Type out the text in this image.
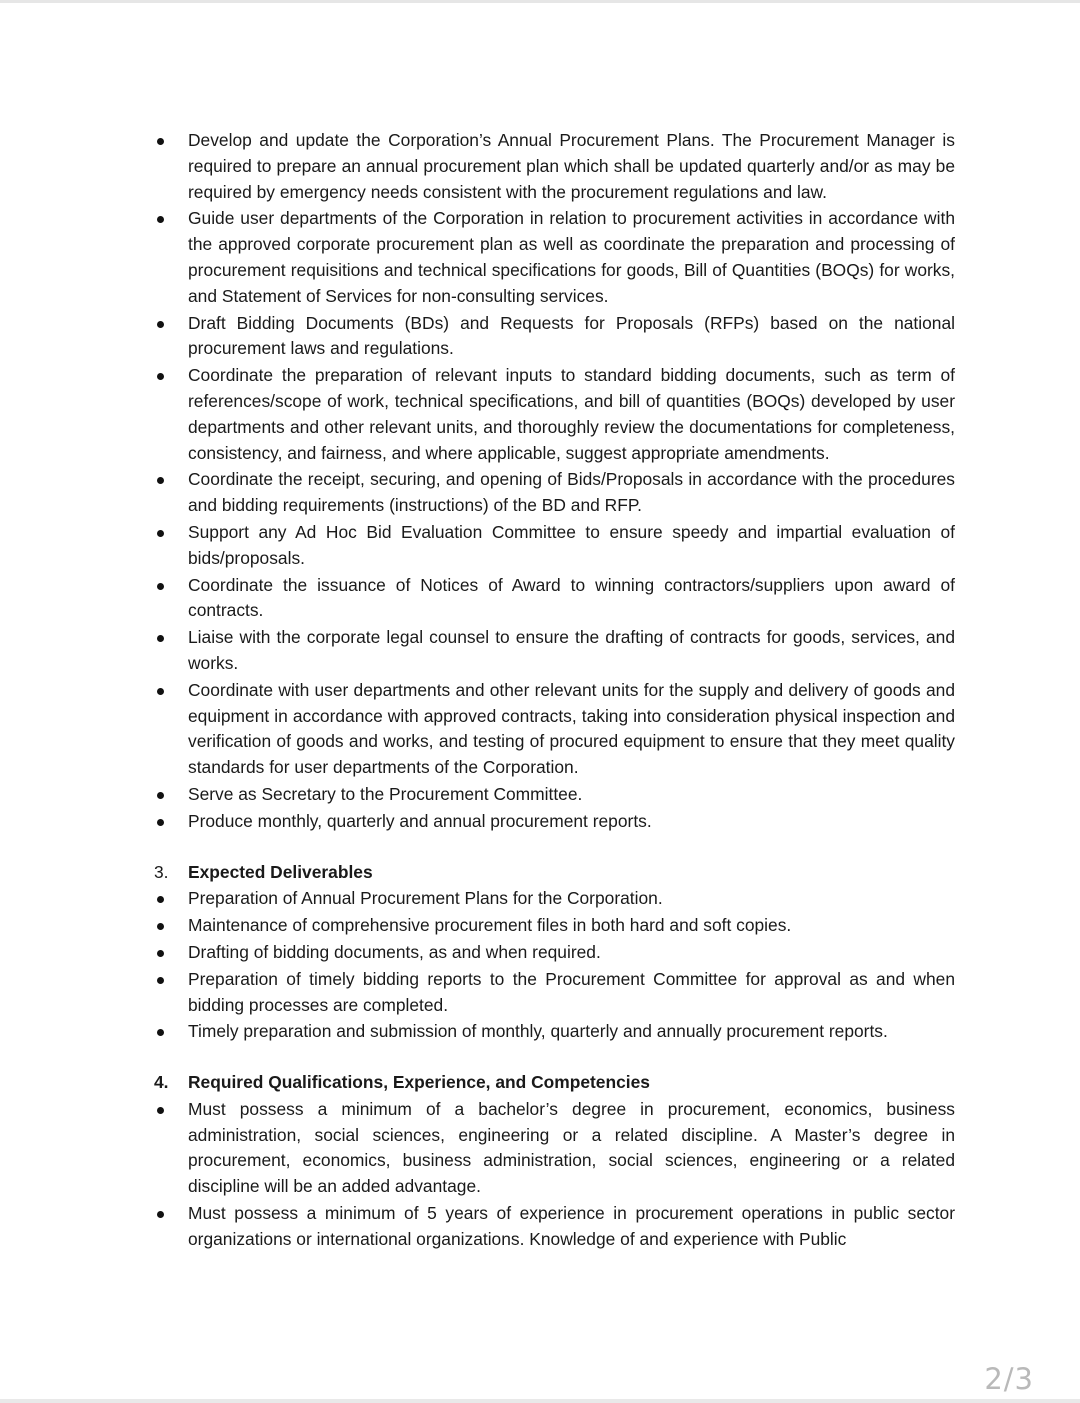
Develop and update the Corporation’s Annual Procurement Plans. The Procurement Manager is required to prepare an annual procurement plan which shall be updated quarterly and/or as may be required by emergency needs consistent with the procurement regulations and law.
Guide user departments of the Corporation in relation to procurement activities in accordance with the approved corporate procurement plan as well as coordinate the preparation and processing of procurement requisitions and technical specifications for goods, Bill of Quantities (BOQs) for works, and Statement of Services for non-consulting services.
Draft Bidding Documents (BDs) and Requests for Proposals (RFPs) based on the national procurement laws and regulations.
Coordinate the preparation of relevant inputs to standard bidding documents, such as term of references/scope of work, technical specifications, and bill of quantities (BOQs) developed by user departments and other relevant units, and thoroughly review the documentations for completeness, consistency, and fairness, and where applicable, suggest appropriate amendments.
Coordinate the receipt, securing, and opening of Bids/Proposals in accordance with the procedures and bidding requirements (instructions) of the BD and RFP.
Support any Ad Hoc Bid Evaluation Committee to ensure speedy and impartial evaluation of bids/proposals.
Coordinate the issuance of Notices of Award to winning contractors/suppliers upon award of contracts.
Liaise with the corporate legal counsel to ensure the drafting of contracts for goods, services, and works.
Coordinate with user departments and other relevant units for the supply and delivery of goods and equipment in accordance with approved contracts, taking into consideration physical inspection and verification of goods and works, and testing of procured equipment to ensure that they meet quality standards for user departments of the Corporation.
Serve as Secretary to the Procurement Committee.
Produce monthly, quarterly and annual procurement reports.
3. Expected Deliverables
Preparation of Annual Procurement Plans for the Corporation.
Maintenance of comprehensive procurement files in both hard and soft copies.
Drafting of bidding documents, as and when required.
Preparation of timely bidding reports to the Procurement Committee for approval as and when bidding processes are completed.
Timely preparation and submission of monthly, quarterly and annually procurement reports.
4. Required Qualifications, Experience, and Competencies
Must possess a minimum of a bachelor’s degree in procurement, economics, business administration, social sciences, engineering or a related discipline. A Master’s degree in procurement, economics, business administration, social sciences, engineering or a related discipline will be an added advantage.
Must possess a minimum of 5 years of experience in procurement operations in public sector organizations or international organizations. Knowledge of and experience with Public
2/3
